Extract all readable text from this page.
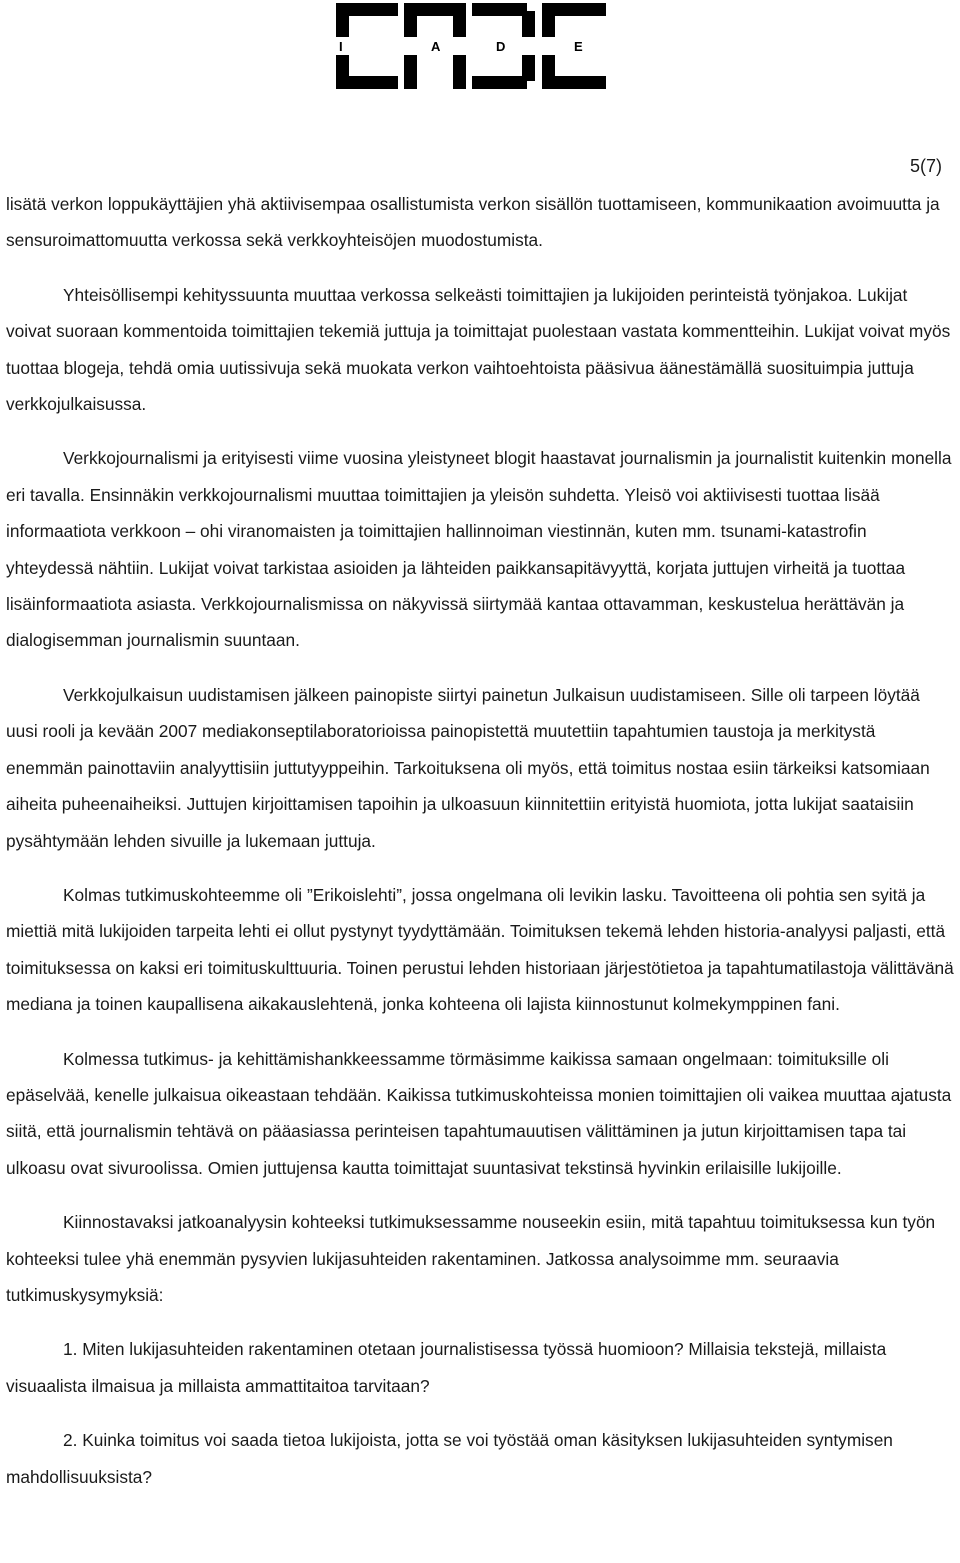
I	A	D	E
5(7)

lisätä verkon loppukäyttäjien yhä aktiivisempaa osallistumista verkon sisällön tuottamiseen, kommunikaation avoimuutta ja sensuroimattomuutta verkossa sekä verkkoyhteisöjen muodostumista.

Yhteisöllisempi kehityssuunta muuttaa verkossa selkeästi toimittajien ja lukijoiden perinteistä työnjakoa. Lukijat voivat suoraan kommentoida toimittajien tekemiä juttuja ja toimittajat puolestaan vastata kommentteihin. Lukijat voivat myös tuottaa blogeja, tehdä omia uutissivuja sekä muokata verkon vaihtoehtoista pääsivua äänestämällä suosituimpia juttuja verkkojulkaisussa.

Verkkojournalismi ja erityisesti viime vuosina yleistyneet blogit haastavat journalismin ja journalistit kuitenkin monella eri tavalla. Ensinnäkin verkkojournalismi muuttaa toimittajien ja yleisön suhdetta. Yleisö voi aktiivisesti tuottaa lisää informaatiota verkkoon – ohi viranomaisten ja toimittajien hallinnoiman viestinnän, kuten mm. tsunami-katastrofin yhteydessä nähtiin. Lukijat voivat tarkistaa asioiden ja lähteiden paikkansapitävyyttä, korjata juttujen virheitä ja tuottaa lisäinformaatiota asiasta. Verkkojournalismissa on näkyvissä siirtymää kantaa ottavamman, keskustelua herättävän ja dialogisemman journalismin suuntaan.

Verkkojulkaisun uudistamisen jälkeen painopiste siirtyi painetun Julkaisun uudistamiseen. Sille oli tarpeen löytää uusi rooli ja kevään 2007 mediakonseptilaboratorioissa painopistettä muutettiin tapahtumien taustoja ja merkitystä enemmän painottaviin analyyttisiin juttutyyppeihin. Tarkoituksena oli myös, että toimitus nostaa esiin tärkeiksi katsomiaan aiheita puheenaiheiksi. Juttujen kirjoittamisen tapoihin ja ulkoasuun kiinnitettiin erityistä huomiota, jotta lukijat saataisiin pysähtymään lehden sivuille ja lukemaan juttuja.

Kolmas tutkimuskohteemme oli ”Erikoislehti”, jossa ongelmana oli levikin lasku. Tavoitteena oli pohtia sen syitä ja miettiä mitä lukijoiden tarpeita lehti ei ollut pystynyt tyydyttämään. Toimituksen tekemä lehden historia-analyysi paljasti, että toimituksessa on kaksi eri toimituskulttuuria. Toinen perustui lehden historiaan järjestötietoa ja tapahtumatilastoja välittävänä mediana ja toinen kaupallisena aikakauslehtenä, jonka kohteena oli lajista kiinnostunut kolmekymppinen fani.

Kolmessa tutkimus- ja kehittämishankkeessamme törmäsimme kaikissa samaan ongelmaan: toimituksille oli epäselvää, kenelle julkaisua oikeastaan tehdään. Kaikissa tutkimuskohteissa monien toimittajien oli vaikea muuttaa ajatusta siitä, että journalismin tehtävä on pääasiassa perinteisen tapahtumauutisen välittäminen ja jutun kirjoittamisen tapa tai ulkoasu ovat sivuroolissa. Omien juttujensa kautta toimittajat suuntasivat tekstinsä hyvinkin erilaisille lukijoille.

Kiinnostavaksi jatkoanalyysin kohteeksi tutkimuksessamme nouseekin esiin, mitä tapahtuu toimituksessa kun työn kohteeksi tulee yhä enemmän pysyvien lukijasuhteiden rakentaminen. Jatkossa analysoimme mm. seuraavia tutkimuskysymyksiä:

1. Miten lukijasuhteiden rakentaminen otetaan journalistisessa työssä huomioon? Millaisia tekstejä, millaista visuaalista ilmaisua ja millaista ammattitaitoa tarvitaan?

2. Kuinka toimitus voi saada tietoa lukijoista, jotta se voi työstää oman käsityksen lukijasuhteiden syntymisen mahdollisuuksista?
